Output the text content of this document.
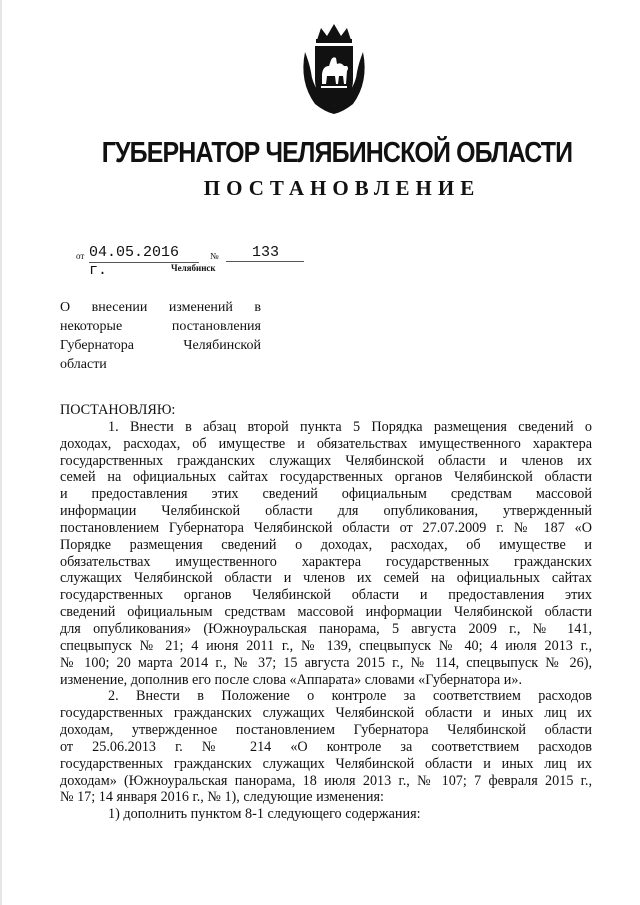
ГУБЕРНАТОР ЧЕЛЯБИНСКОЙ ОБЛАСТИ
ПОСТАНОВЛЕНИЕ
от 04.05.2016 г.
№	133
Челябинск
О внесении изменений в
некоторые	постановления
Губернатора	Челябинской
области

ПОСТАНОВЛЯЮ:

1. Внести в абзац второй пункта 5 Порядка размещения сведений о
доходах, расходах, об имуществе и обязательствах имущественного характера
государственных гражданских служащих Челябинской области и членов их
семей на официальных сайтах государственных органов Челябинской области
и предоставления этих сведений официальным средствам массовой
информации Челябинской области для опубликования, утвержденный
постановлением Губернатора Челябинской области от 27.07.2009 г. № 187 «О
Порядке размещения сведений о доходах, расходах, об имуществе и
обязательствах имущественного характера государственных гражданских
служащих Челябинской области и членов их семей на официальных сайтах
государственных органов Челябинской области и предоставления этих
сведений официальным средствам массовой информации Челябинской области
для опубликования» (Южноуральская панорама, 5 августа 2009 г., № 141,
спецвыпуск № 21; 4 июня 2011 г., № 139, спецвыпуск № 40; 4 июля 2013 г.,
№ 100; 20 марта 2014 г., № 37; 15 августа 2015 г., № 114, спецвыпуск № 26),
изменение, дополнив его после слова «Аппарата» словами «Губернатора и».
2. Внести в Положение о контроле за соответствием расходов
государственных гражданских служащих Челябинской области и иных лиц их
доходам, утвержденное постановлением Губернатора Челябинской области
от 25.06.2013 г. № 214 «О контроле за соответствием расходов
государственных гражданских служащих Челябинской области и иных лиц их
доходам» (Южноуральская панорама, 18 июля 2013 г., № 107; 7 февраля 2015 г.,
№ 17; 14 января 2016 г., № 1), следующие изменения:
1) дополнить пунктом 8-1 следующего содержания:
